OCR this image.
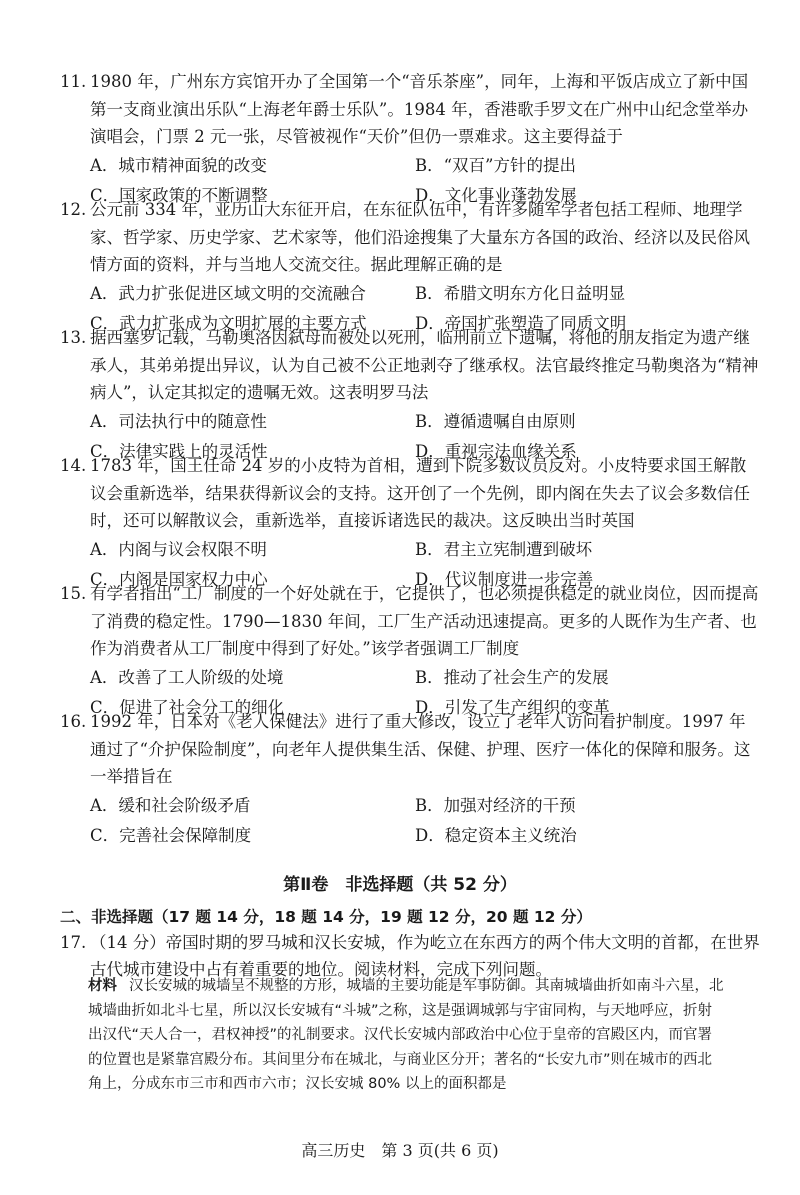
11. 1980 年，广州东方宾馆开办了全国第一个“音乐茶座”，同年，上海和平饭店成立了新中国第一支商业演出乐队“上海老年爵士乐队”。1984 年，香港歌手罗文在广州中山纪念堂举办演唱会，门票 2 元一张，尽管被视作“天价”但仍一票难求。这主要得益于
A．城市精神面貌的改变	B．“双百”方针的提出
C．国家政策的不断调整	D．文化事业蓬勃发展
12. 公元前 334 年，亚历山大东征开启，在东征队伍中，有许多随军学者包括工程师、地理学家、哲学家、历史学家、艺术家等，他们沿途搜集了大量东方各国的政治、经济以及民俗风情方面的资料，并与当地人交流交往。据此理解正确的是
A．武力扩张促进区域文明的交流融合	B．希腊文明东方化日益明显
C．武力扩张成为文明扩展的主要方式	D．帝国扩张塑造了同质文明
13. 据西塞罗记载，马勒奥洛因弑母而被处以死刑，临刑前立下遗嘱，将他的朋友指定为遗产继承人，其弟弟提出异议，认为自己被不公正地剥夺了继承权。法官最终推定马勒奥洛为“精神病人”，认定其拟定的遗嘱无效。这表明罗马法
A．司法执行中的随意性	B．遵循遗嘱自由原则
C．法律实践上的灵活性	D．重视宗法血缘关系
14. 1783 年，国王任命 24 岁的小皮特为首相，遭到下院多数议员反对。小皮特要求国王解散议会重新选举，结果获得新议会的支持。这开创了一个先例，即内阁在失去了议会多数信任时，还可以解散议会，重新选举，直接诉诸选民的裁决。这反映出当时英国
A．内阁与议会权限不明	B．君主立宪制遭到破坏
C．内阁是国家权力中心	D．代议制度进一步完善
15. 有学者指出“工厂制度的一个好处就在于，它提供了，也必须提供稳定的就业岗位，因而提高了消费的稳定性。1790—1830 年间，工厂生产活动迅速提高。更多的人既作为生产者、也作为消费者从工厂制度中得到了好处。”该学者强调工厂制度
A．改善了工人阶级的处境	B．推动了社会生产的发展
C．促进了社会分工的细化	D．引发了生产组织的变革
16. 1992 年，日本对《老人保健法》进行了重大修改，设立了老年人访问看护制度。1997 年通过了“介护保险制度”，向老年人提供集生活、保健、护理、医疗一体化的保障和服务。这一举措旨在
A．缓和社会阶级矛盾	B．加强对经济的干预
C．完善社会保障制度	D．稳定资本主义统治
第Ⅱ卷　非选择题（共 52 分）
二、非选择题（17 题 14 分，18 题 14 分，19 题 12 分，20 题 12 分）
17. （14 分）帝国时期的罗马城和汉长安城，作为屹立在东西方的两个伟大文明的首都，在世界古代城市建设中占有着重要的地位。阅读材料，完成下列问题。
材料 汉长安城的城墙呈不规整的方形，城墙的主要功能是军事防御。其南城墙曲折如南斗六星，北城墙曲折如北斗七星，所以汉长安城有“斗城”之称，这是强调城郭与宇宙同构，与天地呼应，折射出汉代“天人合一，君权神授”的礼制要求。汉代长安城内部政治中心位于皇帝的宫殿区内，而官署的位置也是紧靠宫殿分布。其间里分布在城北，与商业区分开；著名的“长安九市”则在城市的西北角上，分成东市三市和西市六市；汉长安城 80% 以上的面积都是
高三历史　第 3 页(共 6 页)
